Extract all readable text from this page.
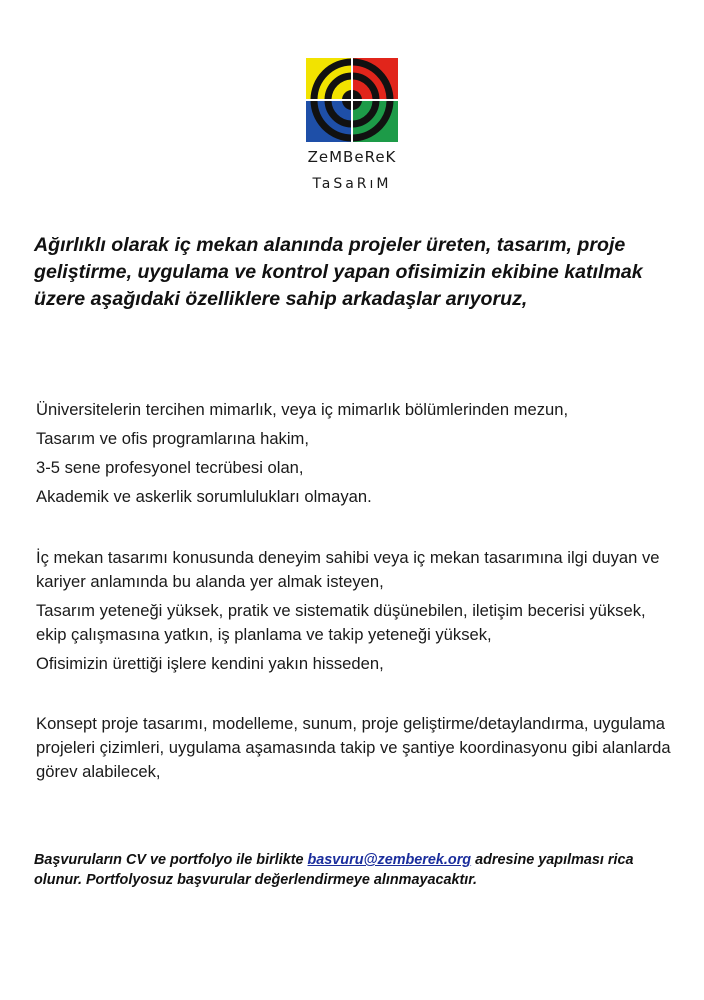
ZeMBeReK
TaSaRıM

Ağırlıklı olarak iç mekan alanında projeler üreten, tasarım, proje geliştirme, uygulama ve kontrol yapan ofisimizin ekibine katılmak üzere aşağıdaki özelliklere sahip arkadaşlar arıyoruz,

Üniversitelerin tercihen mimarlık, veya iç mimarlık bölümlerinden mezun,
Tasarım ve ofis programlarına hakim,
3-5 sene profesyonel tecrübesi olan,
Akademik ve askerlik sorumlulukları olmayan.
İç mekan tasarımı konusunda deneyim sahibi veya iç mekan tasarımına ilgi duyan ve kariyer anlamında bu alanda yer almak isteyen,
Tasarım yeteneği yüksek, pratik ve sistematik düşünebilen, iletişim becerisi yüksek, ekip çalışmasına yatkın, iş planlama ve takip yeteneği yüksek,
Ofisimizin ürettiği işlere kendini yakın hisseden,
Konsept proje tasarımı, modelleme, sunum, proje geliştirme/detaylandırma, uygulama projeleri çizimleri, uygulama aşamasında takip ve şantiye koordinasyonu gibi alanlarda görev alabilecek,

Başvuruların CV ve portfolyo ile birlikte basvuru@zemberek.org adresine yapılması rica olunur. Portfolyosuz başvurular değerlendirmeye alınmayacaktır.
